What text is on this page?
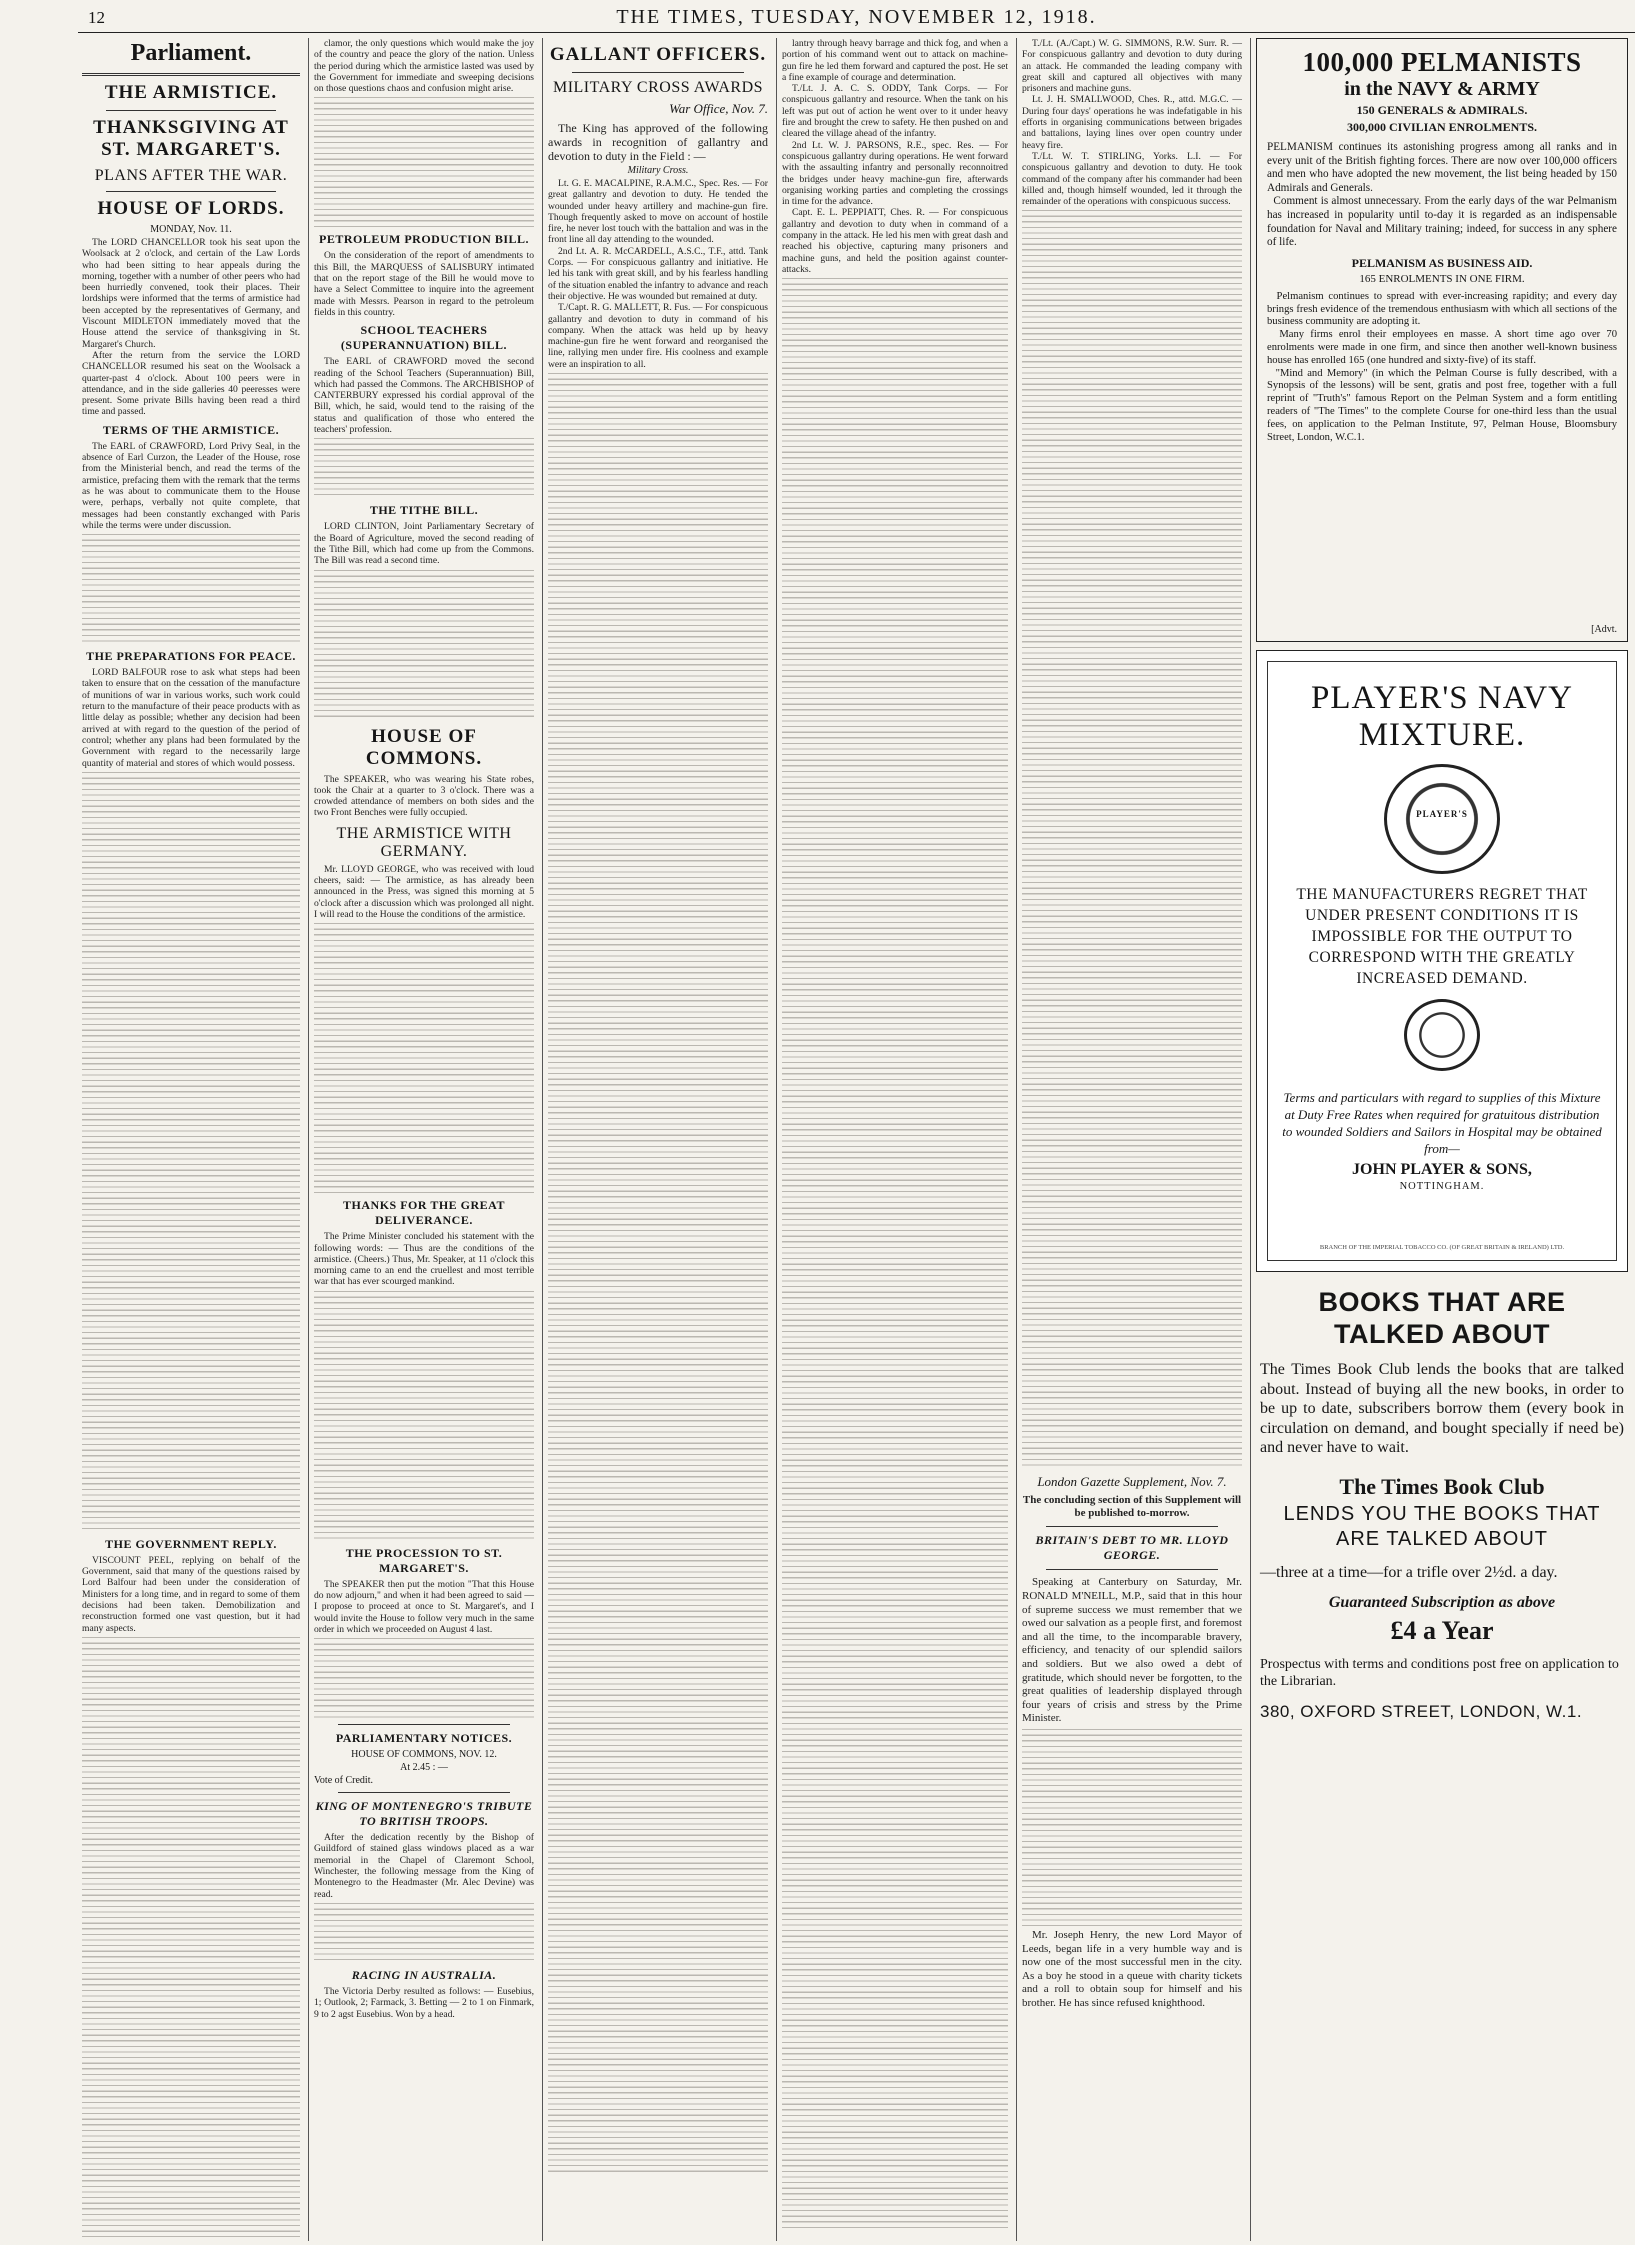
12	THE TIMES, TUESDAY, NOVEMBER 12, 1918.
Parliament.
THE ARMISTICE.
THANKSGIVING AT ST. MARGARET'S.
PLANS AFTER THE WAR.
HOUSE OF LORDS.

MONDAY, Nov. 11.

The LORD CHANCELLOR took his seat upon the Woolsack at 2 o'clock, and certain of the Law Lords who had been sitting to hear appeals during the morning, together with a number of other peers who had been hurriedly convened, took their places. Their lordships were informed that the terms of armistice had been accepted by the representatives of Germany, and Viscount MIDLETON immediately moved that the House attend the service of thanksgiving in St. Margaret's Church.

After the return from the service the LORD CHANCELLOR resumed his seat on the Woolsack a quarter-past 4 o'clock. About 100 peers were in attendance, and in the side galleries 40 peeresses were present. Some private Bills having been read a third time and passed.

TERMS OF THE ARMISTICE.

The EARL of CRAWFORD, Lord Privy Seal, in the absence of Earl Curzon, the Leader of the House, rose from the Ministerial bench, and read the terms of the armistice, prefacing them with the remark that the terms as he was about to communicate them to the House were, perhaps, verbally not quite complete, that messages had been constantly exchanged with Paris while the terms were under discussion.

THE PREPARATIONS FOR PEACE.

LORD BALFOUR rose to ask what steps had been taken to ensure that on the cessation of the manufacture of munitions of war in various works, such work could return to the manufacture of their peace products with as little delay as possible; whether any decision had been arrived at with regard to the question of the period of control; whether any plans had been formulated by the Government with regard to the necessarily large quantity of material and stores of which would possess.

THE GOVERNMENT REPLY.

VISCOUNT PEEL, replying on behalf of the Government, said that many of the questions raised by Lord Balfour had been under the consideration of Ministers for a long time, and in regard to some of them decisions had been taken. Demobilization and reconstruction formed one vast question, but it had many aspects.

clamor, the only questions which would make the joy of the country and peace the glory of the nation. Unless the period during which the armistice lasted was used by the Government for immediate and sweeping decisions on those questions chaos and confusion might arise.

PETROLEUM PRODUCTION BILL.

On the consideration of the report of amendments to this Bill, the MARQUESS of SALISBURY intimated that on the report stage of the Bill he would move to have a Select Committee to inquire into the agreement made with Messrs. Pearson in regard to the petroleum fields in this country.

SCHOOL TEACHERS (SUPERANNUATION) BILL.

The EARL of CRAWFORD moved the second reading of the School Teachers (Superannuation) Bill, which had passed the Commons. The ARCHBISHOP of CANTERBURY expressed his cordial approval of the Bill, which, he said, would tend to the raising of the status and qualification of those who entered the teachers' profession.

THE TITHE BILL.

LORD CLINTON, Joint Parliamentary Secretary of the Board of Agriculture, moved the second reading of the Tithe Bill, which had come up from the Commons. The Bill was read a second time.

HOUSE OF COMMONS.

The SPEAKER, who was wearing his State robes, took the Chair at a quarter to 3 o'clock. There was a crowded attendance of members on both sides and the two Front Benches were fully occupied.

THE ARMISTICE WITH GERMANY.

Mr. LLOYD GEORGE, who was received with loud cheers, said: — The armistice, as has already been announced in the Press, was signed this morning at 5 o'clock after a discussion which was prolonged all night. I will read to the House the conditions of the armistice.

THANKS FOR THE GREAT DELIVERANCE.

The Prime Minister concluded his statement with the following words: — Thus are the conditions of the armistice. (Cheers.) Thus, Mr. Speaker, at 11 o'clock this morning came to an end the cruellest and most terrible war that has ever scourged mankind.

THE PROCESSION TO ST. MARGARET'S.

The SPEAKER then put the motion "That this House do now adjourn," and when it had been agreed to said — I propose to proceed at once to St. Margaret's, and I would invite the House to follow very much in the same order in which we proceeded on August 4 last.

PARLIAMENTARY NOTICES.

HOUSE OF COMMONS, NOV. 12.

At 2.45 : —

Vote of Credit.

KING OF MONTENEGRO'S TRIBUTE TO BRITISH TROOPS.

After the dedication recently by the Bishop of Guildford of stained glass windows placed as a war memorial in the Chapel of Claremont School, Winchester, the following message from the King of Montenegro to the Headmaster (Mr. Alec Devine) was read.

RACING IN AUSTRALIA.

The Victoria Derby resulted as follows: — Eusebius, 1; Outlook, 2; Farmack, 3. Betting — 2 to 1 on Finmark, 9 to 2 agst Eusebius. Won by a head.

GALLANT OFFICERS.
MILITARY CROSS AWARDS

War Office, Nov. 7.

The King has approved of the following awards in recognition of gallantry and devotion to duty in the Field : —

Military Cross.

Lt. G. E. MACALPINE, R.A.M.C., Spec. Res. — For great gallantry and devotion to duty. He tended the wounded under heavy artillery and machine-gun fire. Though frequently asked to move on account of hostile fire, he never lost touch with the battalion and was in the front line all day attending to the wounded.

2nd Lt. A. R. McCARDELL, A.S.C., T.F., attd. Tank Corps. — For conspicuous gallantry and initiative. He led his tank with great skill, and by his fearless handling of the situation enabled the infantry to advance and reach their objective. He was wounded but remained at duty.

T./Capt. R. G. MALLETT, R. Fus. — For conspicuous gallantry and devotion to duty in command of his company. When the attack was held up by heavy machine-gun fire he went forward and reorganised the line, rallying men under fire. His coolness and example were an inspiration to all.

lantry through heavy barrage and thick fog, and when a portion of his command went out to attack on machine-gun fire he led them forward and captured the post. He set a fine example of courage and determination.

T./Lt. J. A. C. S. ODDY, Tank Corps. — For conspicuous gallantry and resource. When the tank on his left was put out of action he went over to it under heavy fire and brought the crew to safety. He then pushed on and cleared the village ahead of the infantry.

2nd Lt. W. J. PARSONS, R.E., spec. Res. — For conspicuous gallantry during operations. He went forward with the assaulting infantry and personally reconnoitred the bridges under heavy machine-gun fire, afterwards organising working parties and completing the crossings in time for the advance.

Capt. E. L. PEPPIATT, Ches. R. — For conspicuous gallantry and devotion to duty when in command of a company in the attack. He led his men with great dash and reached his objective, capturing many prisoners and machine guns, and held the position against counter-attacks.

T./Lt. (A./Capt.) W. G. SIMMONS, R.W. Surr. R. — For conspicuous gallantry and devotion to duty during an attack. He commanded the leading company with great skill and captured all objectives with many prisoners and machine guns.

Lt. J. H. SMALLWOOD, Ches. R., attd. M.G.C. — During four days' operations he was indefatigable in his efforts in organising communications between brigades and battalions, laying lines over open country under heavy fire.

T./Lt. W. T. STIRLING, Yorks. L.I. — For conspicuous gallantry and devotion to duty. He took command of the company after his commander had been killed and, though himself wounded, led it through the remainder of the operations with conspicuous success.

London Gazette Supplement, Nov. 7.

The concluding section of this Supplement will be published to-morrow.

BRITAIN'S DEBT TO MR. LLOYD GEORGE.

Speaking at Canterbury on Saturday, Mr. RONALD M'NEILL, M.P., said that in this hour of supreme success we must remember that we owed our salvation as a people first, and foremost and all the time, to the incomparable bravery, efficiency, and tenacity of our splendid sailors and soldiers. But we also owed a debt of gratitude, which should never be forgotten, to the great qualities of leadership displayed through four years of crisis and stress by the Prime Minister.

Mr. Joseph Henry, the new Lord Mayor of Leeds, began life in a very humble way and is now one of the most successful men in the city. As a boy he stood in a queue with charity tickets and a roll to obtain soup for himself and his brother. He has since refused knighthood.

100,000 PELMANISTS

in the NAVY & ARMY

150 GENERALS & ADMIRALS.

300,000 CIVILIAN ENROLMENTS.

PELMANISM continues its astonishing progress among all ranks and in every unit of the British fighting forces. There are now over 100,000 officers and men who have adopted the new movement, the list being headed by 150 Admirals and Generals.
Comment is almost unnecessary. From the early days of the war Pelmanism has increased in popularity until to-day it is regarded as an indispensable foundation for Naval and Military training; indeed, for success in any sphere of life.

PELMANISM AS BUSINESS AID.

165 ENROLMENTS IN ONE FIRM.

Pelmanism continues to spread with ever-increasing rapidity; and every day brings fresh evidence of the tremendous enthusiasm with which all sections of the business community are adopting it.
Many firms enrol their employees en masse. A short time ago over 70 enrolments were made in one firm, and since then another well-known business house has enrolled 165 (one hundred and sixty-five) of its staff.
"Mind and Memory" (in which the Pelman Course is fully described, with a Synopsis of the lessons) will be sent, gratis and post free, together with a full reprint of "Truth's" famous Report on the Pelman System and a form entitling readers of "The Times" to the complete Course for one-third less than the usual fees, on application to the Pelman Institute, 97, Pelman House, Bloomsbury Street, London, W.C.1.

[Advt.
PLAYER'S NAVY

MIXTURE.

PLAYER'S

THE MANUFACTURERS REGRET THAT UNDER PRESENT CONDITIONS IT IS IMPOSSIBLE FOR THE OUTPUT TO CORRESPOND WITH THE GREATLY INCREASED DEMAND.

Terms and particulars with regard to supplies of this Mixture at Duty Free Rates when required for gratuitous distribution to wounded Soldiers and Sailors in Hospital may be obtained from—

JOHN PLAYER & SONS,

NOTTINGHAM.

BRANCH OF THE IMPERIAL TOBACCO CO. (OF GREAT BRITAIN & IRELAND) LTD.

BOOKS THAT ARE TALKED ABOUT

The Times Book Club lends the books that are talked about. Instead of buying all the new books, in order to be up to date, subscribers borrow them (every book in circulation on demand, and bought specially if need be) and never have to wait.

The Times Book Club

LENDS YOU THE BOOKS THAT ARE TALKED ABOUT

—three at a time—for a trifle over 2½d. a day.

Guaranteed Subscription as above

£4 a Year

Prospectus with terms and conditions post free on application to the Librarian.

380, OXFORD STREET, LONDON, W.1.
